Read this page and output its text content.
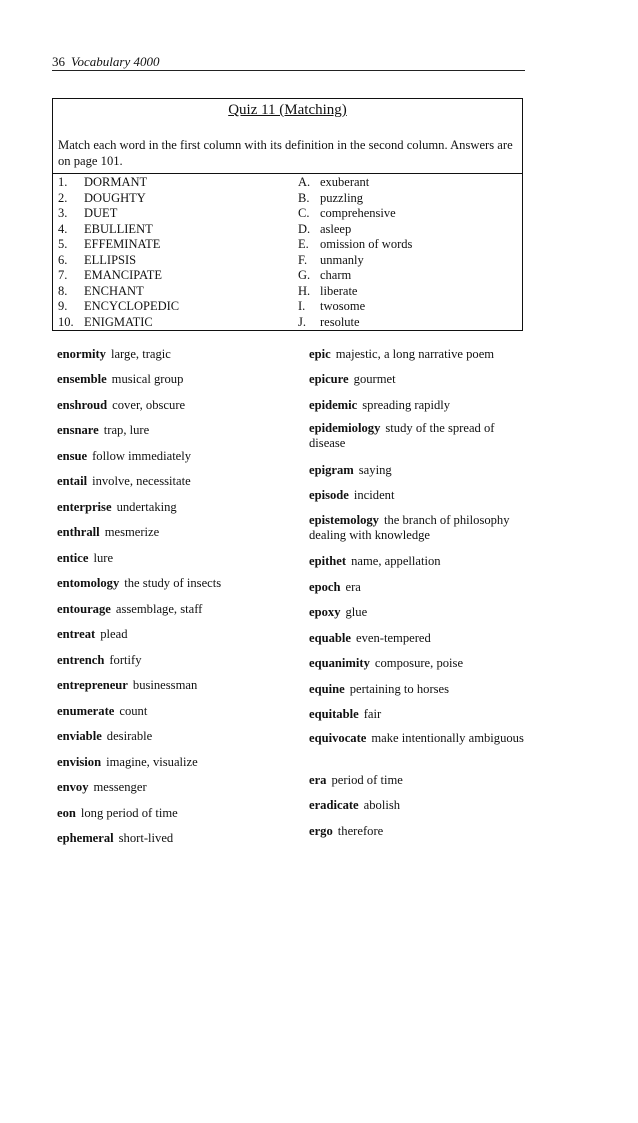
36 Vocabulary 4000
Quiz 11 (Matching)
Match each word in the first column with its definition in the second column. Answers are on page 101.
1. DORMANT	A. exuberant
2. DOUGHTY	B. puzzling
3. DUET	C. comprehensive
4. EBULLIENT	D. asleep
5. EFFEMINATE	E. omission of words
6. ELLIPSIS	F. unmanly
7. EMANCIPATE	G. charm
8. ENCHANT	H. liberate
9. ENCYCLOPEDIC	I. twosome
10. ENIGMATIC	J. resolute
enormity large, tragic
ensemble musical group
enshroud cover, obscure
ensnare trap, lure
ensue follow immediately
entail involve, necessitate
enterprise undertaking
enthrall mesmerize
entice lure
entomology the study of insects
entourage assemblage, staff
entreat plead
entrench fortify
entrepreneur businessman
enumerate count
enviable desirable
envision imagine, visualize
envoy messenger
eon long period of time
ephemeral short-lived
epic majestic, a long narrative poem
epicure gourmet
epidemic spreading rapidly
epidemiology study of the spread of disease
epigram saying
episode incident
epistemology the branch of philosophy dealing with knowledge
epithet name, appellation
epoch era
epoxy glue
equable even-tempered
equanimity composure, poise
equine pertaining to horses
equitable fair
equivocate make intentionally ambiguous
era period of time
eradicate abolish
ergo therefore
